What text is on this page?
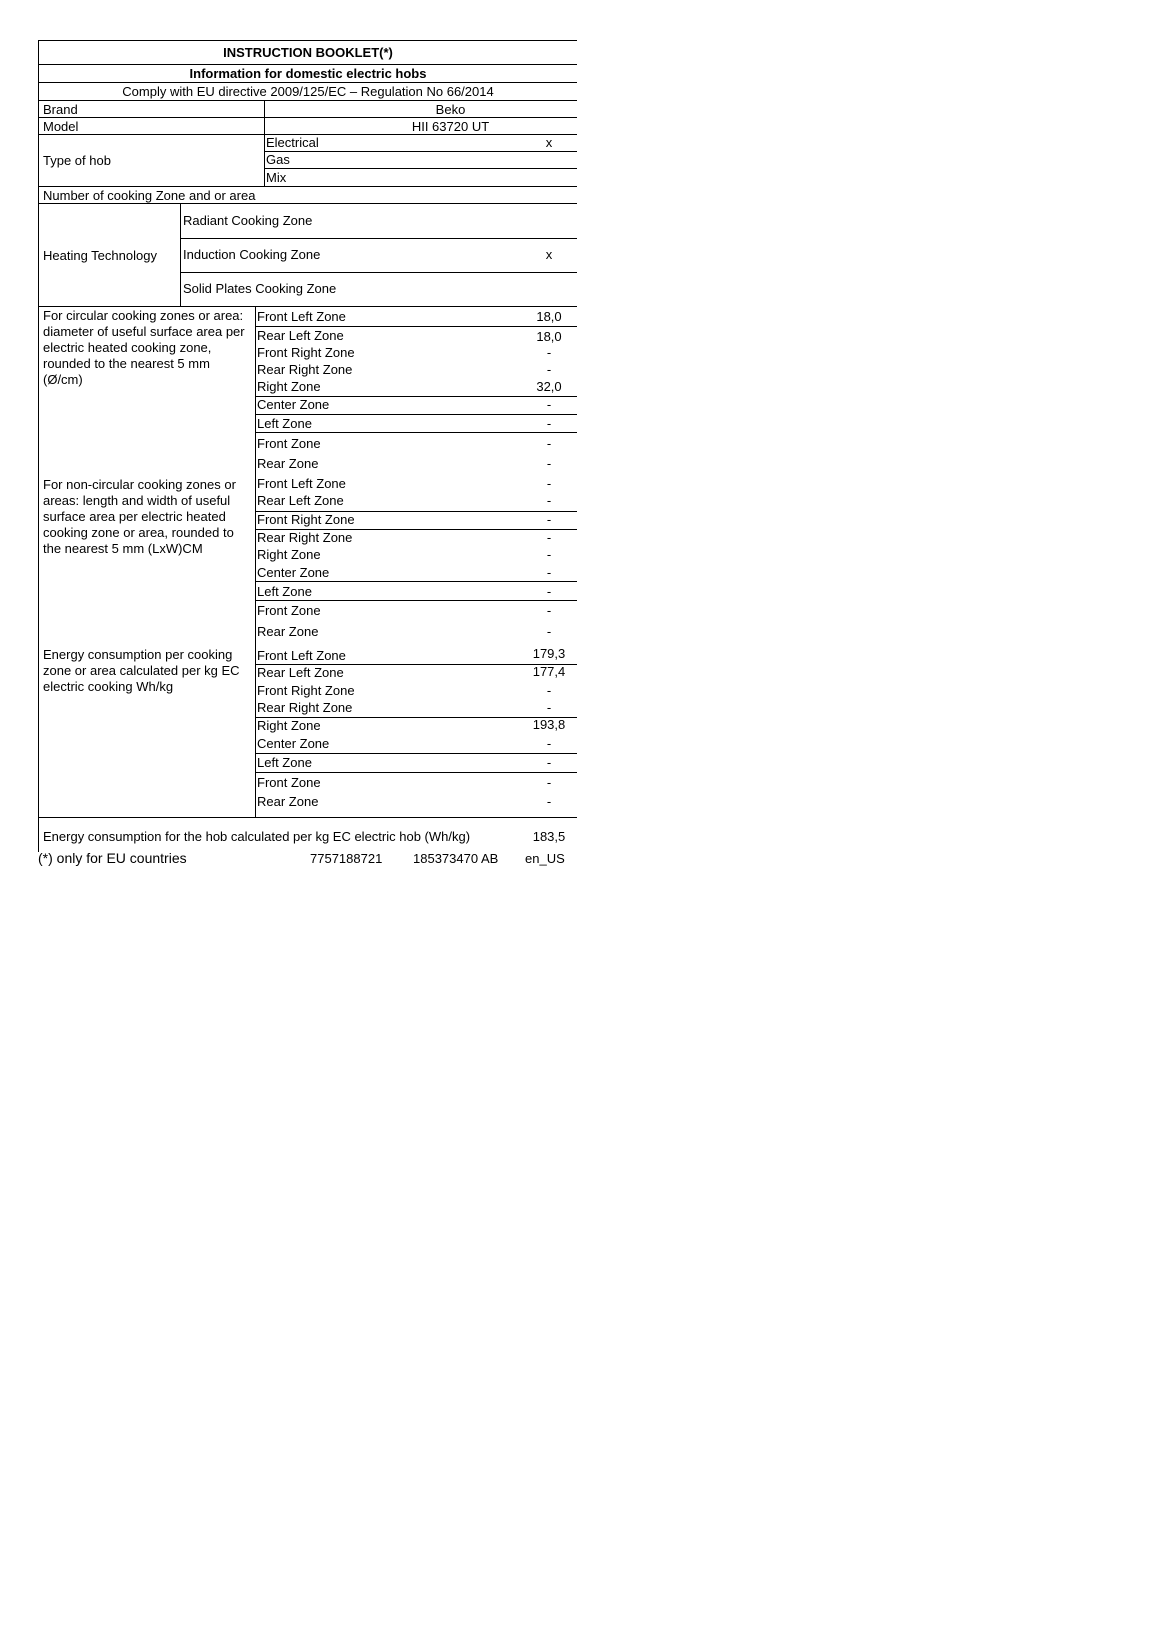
INSTRUCTION BOOKLET(*)
Information for domestic electric hobs
Comply with EU directive 2009/125/EC – Regulation No 66/2014
Brand	Beko
Model	HII 63720 UT
Type of hob
Electrical	x
Gas
Mix
Number of cooking Zone and or area
Heating Technology
Radiant Cooking Zone
Induction Cooking Zone	x
Solid Plates Cooking Zone
For circular cooking zones or area: diameter of useful surface area per electric heated cooking zone, rounded to the nearest 5 mm (Ø/cm)
Front Left Zone	18,0
Rear Left Zone	18,0
Front Right Zone	-
Rear Right Zone	-
Right Zone	32,0
Center Zone	-
Left Zone	-
Front Zone	-
Rear Zone	-
For non-circular cooking zones or areas: length and width of useful surface area per electric heated cooking zone or area, rounded to the nearest 5 mm (LxW)CM
Front Left Zone	-
Rear Left Zone	-
Front Right Zone	-
Rear Right Zone	-
Right Zone	-
Center Zone	-
Left Zone	-
Front Zone	-
Rear Zone	-
Energy consumption per cooking zone or area calculated per kg EC electric cooking Wh/kg
Front Left Zone	179,3
Rear Left Zone	177,4
Front Right Zone	-
Rear Right Zone	-
Right Zone	193,8
Center Zone	-
Left Zone	-
Front Zone	-
Rear Zone	-
Energy consumption for the hob calculated per kg EC electric hob (Wh/kg)	183,5
(*) only for EU countries	7757188721 185373470 AB en_US
